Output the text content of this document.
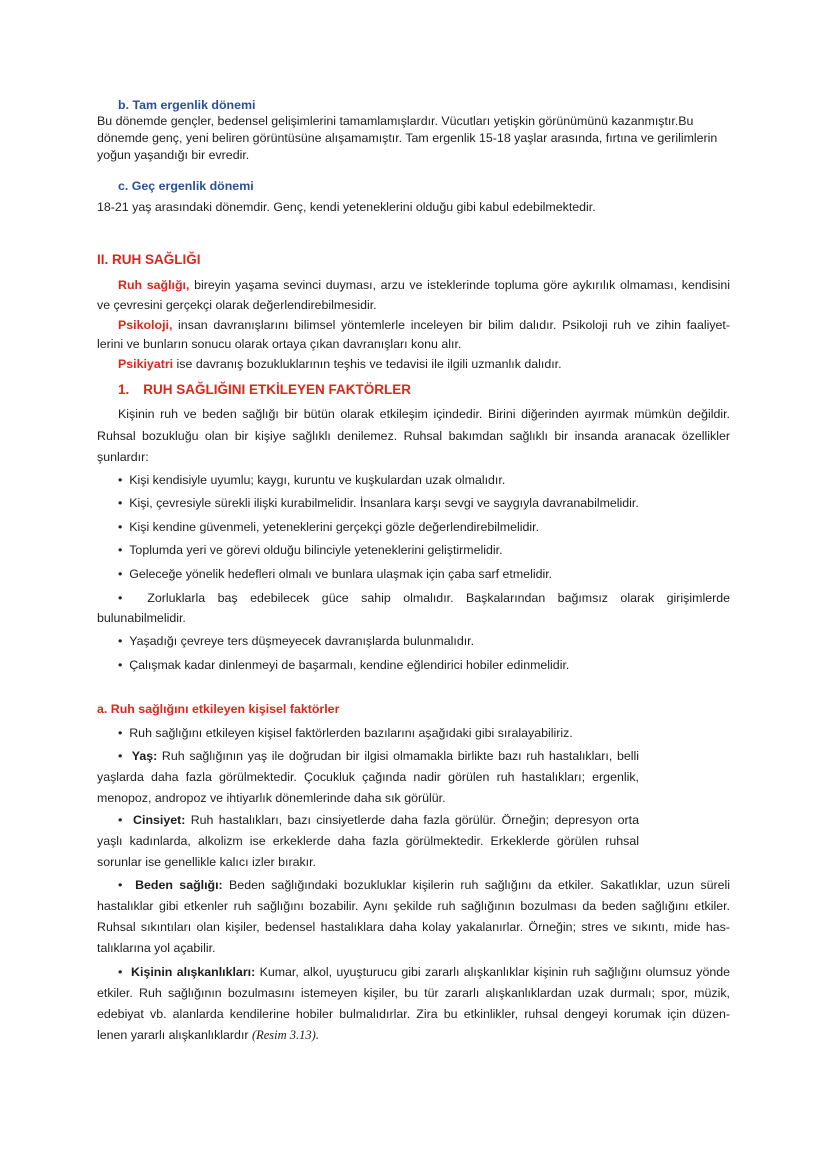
b. Tam ergenlik dönemi
Bu dönemde gençler, bedensel gelişimlerini tamamlamışlardır. Vücutları yetişkin görünümünü kazanmıştır.Bu
dönemde genç, yeni beliren görüntüsüne alışamamıştır. Tam ergenlik 15-18 yaşlar arasında, fırtına ve gerilimlerin
yoğun yaşandığı bir evredir.
c. Geç ergenlik dönemi
18-21 yaş arasındaki dönemdir. Genç, kendi yeteneklerini olduğu gibi kabul edebilmektedir.
II. RUH SAĞLIĞI
Ruh sağlığı, bireyin yaşama sevinci duyması, arzu ve isteklerinde topluma göre aykırılık olmaması, kendisini
ve çevresini gerçekçi olarak değerlendirebilmesidir.
Psikoloji, insan davranışlarını bilimsel yöntemlerle inceleyen bir bilim dalıdır. Psikoloji ruh ve zihin faaliyet-
lerini ve bunların sonucu olarak ortaya çıkan davranışları konu alır.
Psikiyatri ise davranış bozukluklarının teşhis ve tedavisi ile ilgili uzmanlık dalıdır.
1. RUH SAĞLIĞINI ETKİLEYEN FAKTÖRLER
Kişinin ruh ve beden sağlığı bir bütün olarak etkileşim içindedir. Birini diğerinden ayırmak mümkün değildir.
Ruhsal bozukluğu olan bir kişiye sağlıklı denilemez. Ruhsal bakımdan sağlıklı bir insanda aranacak özellikler
şunlardır:
• Kişi kendisiyle uyumlu; kaygı, kuruntu ve kuşkulardan uzak olmalıdır.
• Kişi, çevresiyle sürekli ilişki kurabilmelidir. İnsanlara karşı sevgi ve saygıyla davranabilmelidir.
• Kişi kendine güvenmeli, yeteneklerini gerçekçi gözle değerlendirebilmelidir.
• Toplumda yeri ve görevi olduğu bilinciyle yeteneklerini geliştirmelidir.
• Geleceğe yönelik hedefleri olmalı ve bunlara ulaşmak için çaba sarf etmelidir.
• Zorluklarla baş edebilecek güce sahip olmalıdır. Başkalarından bağımsız olarak girişimlerde
bulunabilmelidir.
• Yaşadığı çevreye ters düşmeyecek davranışlarda bulunmalıdır.
• Çalışmak kadar dinlenmeyi de başarmalı, kendine eğlendirici hobiler edinmelidir.
a. Ruh sağlığını etkileyen kişisel faktörler
• Ruh sağlığını etkileyen kişisel faktörlerden bazılarını aşağıdaki gibi sıralayabiliriz.
• Yaş: Ruh sağlığının yaş ile doğrudan bir ilgisi olmamakla birlikte bazı ruh hastalıkları, belli
yaşlarda daha fazla görülmektedir. Çocukluk çağında nadir görülen ruh hastalıkları; ergenlik,
menopoz, andropoz ve ihtiyarlık dönemlerinde daha sık görülür.
• Cinsiyet: Ruh hastalıkları, bazı cinsiyetlerde daha fazla görülür. Örneğin; depresyon orta
yaşlı kadınlarda, alkolizm ise erkeklerde daha fazla görülmektedir. Erkeklerde görülen ruhsal
sorunlar ise genellikle kalıcı izler bırakır.
• Beden sağlığı: Beden sağlığındaki bozukluklar kişilerin ruh sağlığını da etkiler. Sakatlıklar, uzun süreli
hastalıklar gibi etkenler ruh sağlığını bozabilir. Aynı şekilde ruh sağlığının bozulması da beden sağlığını etkiler.
Ruhsal sıkıntıları olan kişiler, bedensel hastalıklara daha kolay yakalanırlar. Örneğin; stres ve sıkıntı, mide has-
talıklarına yol açabilir.
• Kişinin alışkanlıkları: Kumar, alkol, uyuşturucu gibi zararlı alışkanlıklar kişinin ruh sağlığını olumsuz yönde
etkiler. Ruh sağlığının bozulmasını istemeyen kişiler, bu tür zararlı alışkanlıklardan uzak durmalı; spor, müzik,
edebiyat vb. alanlarda kendilerine hobiler bulmalıdırlar. Zira bu etkinlikler, ruhsal dengeyi korumak için düzen-
lenen yararlı alışkanlıklardır (Resim 3.13).
